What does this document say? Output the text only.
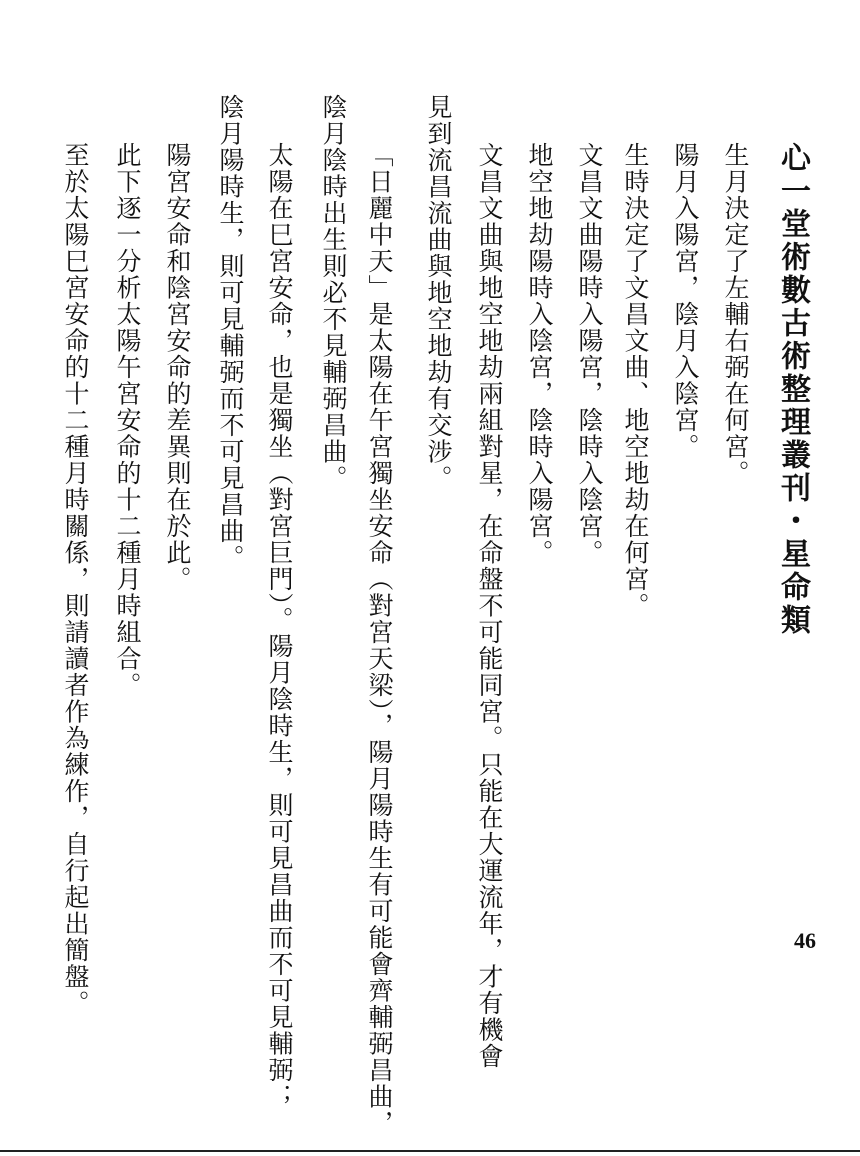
心一堂術數古術整理叢刊・星命類
46
生月決定了左輔右弼在何宮。
陽月入陽宮，陰月入陰宮。
生時決定了文昌文曲、地空地劫在何宮。
文昌文曲陽時入陽宮，陰時入陰宮。
地空地劫陽時入陰宮，陰時入陽宮。
文昌文曲與地空地劫兩組對星，在命盤不可能同宮。只能在大運流年，才有機會
見到流昌流曲與地空地劫有交涉。
「日麗中天」是太陽在午宮獨坐安命（對宮天梁），陽月陽時生有可能會齊輔弼昌曲，
陰月陰時出生則必不見輔弼昌曲。
太陽在巳宮安命，也是獨坐（對宮巨門）。陽月陰時生，則可見昌曲而不可見輔弼；
陰月陽時生，則可見輔弼而不可見昌曲。
陽宮安命和陰宮安命的差異則在於此。
此下逐一分析太陽午宮安命的十二種月時組合。
至於太陽巳宮安命的十二種月時關係，則請讀者作為練作，自行起出簡盤。
